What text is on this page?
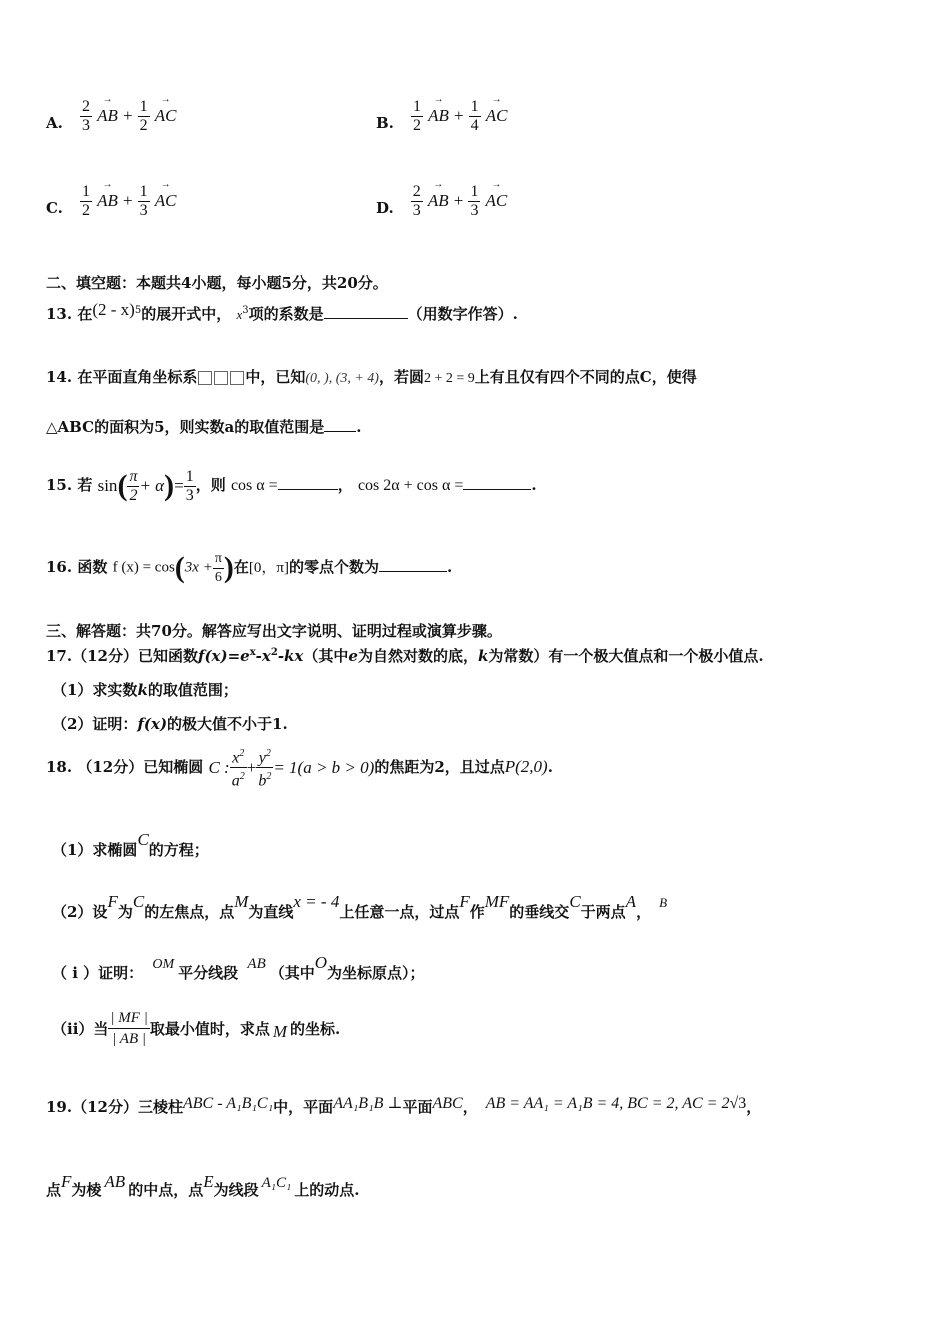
A. $\frac{2}{3}$ → AB + $\frac{1}{2}$ → AC	B. $\frac{1}{2}$ → AB + $\frac{1}{4}$ → AC
C. $\frac{1}{2}$ → AB + $\frac{1}{3}$ → AC	D. $\frac{2}{3}$ → AB + $\frac{1}{3}$ → AC
二、填空题：本题共4小题，每小题5分，共20分。
13. 在(2 - x)$^5$的展开式中， $x^3$项的系数是	（用数字作答）.
14. 在平面直角坐标系	中，已知(0, ), (3, + 4)，若圆2 + 2 = 9上有且仅有四个不同的点C，使得
△ABC的面积为5，则实数a的取值范围是 .
15. 若 $\sin( \frac{\pi}{2} + \alpha)= \frac{1}{3}$ ，则 cos α =	， cos 2α + cos α =	.
16. 函数 f $(x) = \cos(3x + \frac{\pi}{6}$ )在[0，π]的零点个数为	.
三、解答题：共70分。解答应写出文字说明、证明过程或演算步骤。
17.（12分）已知函数$f(x)=e^x-x^2-kx$（其中e为自然对数的底，k为常数）有一个极大值点和一个极小值点.
（1）求实数k的取值范围；
（2）证明：f(x)的极大值不小于1.
18. （12分）已知椭圆 C : $\frac{x^2}{a^2} + \frac{y^2}{b^2} = 1(a > b > 0)$的焦距为2，且过点P(2,0).
（1）求椭圆C的方程；
（2）设F为C的左焦点，点M为直线x = - 4上任意一点，过点F作MF的垂线交C于两点A，B
（ i ）证明： OM 平分线段 AB （其中O为坐标原点）；
（ii）当 $\frac{| MF |}{| AB |}$ 取最小值时，求点 M 的坐标.
19.（12分）三棱柱ABC - A₁B₁C₁中，平面AA₁B₁B ⊥平面ABC， AB = AA₁ = A₁B = 4, BC = 2, AC = 2√3，
点F为棱 AB 的中点，点E为线段 A₁C₁ 上的动点.
